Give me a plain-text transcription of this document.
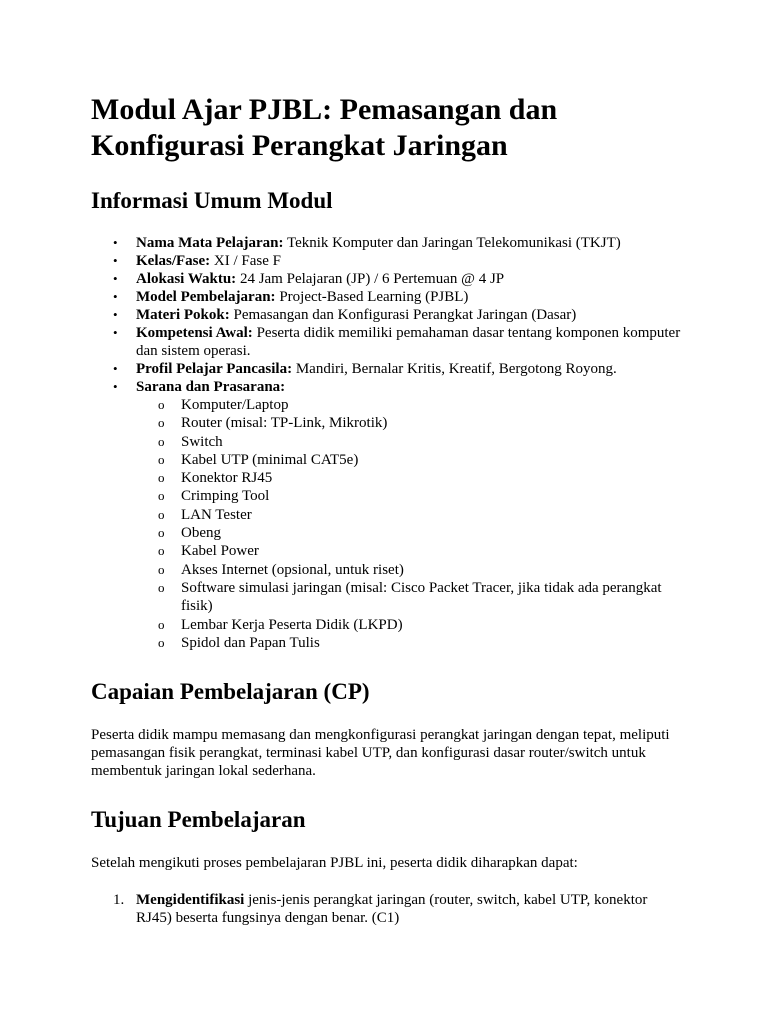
Modul Ajar PJBL: Pemasangan dan Konfigurasi Perangkat Jaringan
Informasi Umum Modul
• Nama Mata Pelajaran: Teknik Komputer dan Jaringan Telekomunikasi (TKJT)
• Kelas/Fase: XI / Fase F
• Alokasi Waktu: 24 Jam Pelajaran (JP) / 6 Pertemuan @ 4 JP
• Model Pembelajaran: Project-Based Learning (PJBL)
• Materi Pokok: Pemasangan dan Konfigurasi Perangkat Jaringan (Dasar)
• Kompetensi Awal: Peserta didik memiliki pemahaman dasar tentang komponen komputer dan sistem operasi.
• Profil Pelajar Pancasila: Mandiri, Bernalar Kritis, Kreatif, Bergotong Royong.
• Sarana dan Prasarana:
o Komputer/Laptop
o Router (misal: TP-Link, Mikrotik)
o Switch
o Kabel UTP (minimal CAT5e)
o Konektor RJ45
o Crimping Tool
o LAN Tester
o Obeng
o Kabel Power
o Akses Internet (opsional, untuk riset)
o Software simulasi jaringan (misal: Cisco Packet Tracer, jika tidak ada perangkat fisik)
o Lembar Kerja Peserta Didik (LKPD)
o Spidol dan Papan Tulis
Capaian Pembelajaran (CP)

Peserta didik mampu memasang dan mengkonfigurasi perangkat jaringan dengan tepat, meliputi pemasangan fisik perangkat, terminasi kabel UTP, dan konfigurasi dasar router/switch untuk membentuk jaringan lokal sederhana.

Tujuan Pembelajaran

Setelah mengikuti proses pembelajaran PJBL ini, peserta didik diharapkan dapat:

1. Mengidentifikasi jenis-jenis perangkat jaringan (router, switch, kabel UTP, konektor RJ45) beserta fungsinya dengan benar. (C1)
